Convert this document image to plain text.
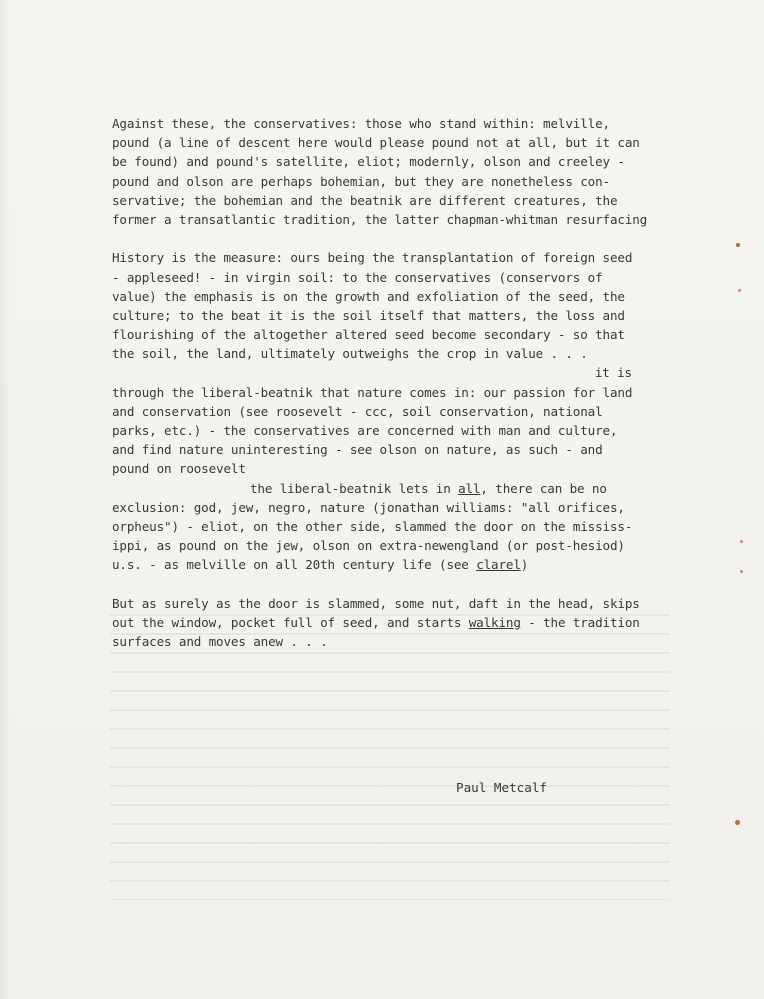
Against these, the conservatives: those who stand within: melville,
pound (a line of descent here would please pound not at all, but it can
be found) and pound's satellite, eliot; modernly, olson and creeley -
pound and olson are perhaps bohemian, but they are nonetheless con-
servative; the bohemian and the beatnik are different creatures, the
former a transatlantic tradition, the latter chapman-whitman resurfacing
History is the measure: ours being the transplantation of foreign seed
- appleseed! - in virgin soil: to the conservatives (conservors of
value) the emphasis is on the growth and exfoliation of the seed, the
culture; to the beat it is the soil itself that matters, the loss and
flourishing of the altogether altered seed become secondary - so that
the soil, the land, ultimately outweighs the crop in value . . .
it is
through the liberal-beatnik that nature comes in: our passion for land
and conservation (see roosevelt - ccc, soil conservation, national
parks, etc.) - the conservatives are concerned with man and culture,
and find nature uninteresting - see olson on nature, as such - and
pound on roosevelt
the liberal-beatnik lets in all, there can be no
exclusion: god, jew, negro, nature (jonathan williams: "all orifices,
orpheus") - eliot, on the other side, slammed the door on the mississ-
ippi, as pound on the jew, olson on extra-newengland (or post-hesiod)
u.s. - as melville on all 20th century life (see clarel)
But as surely as the door is slammed, some nut, daft in the head, skips
out the window, pocket full of seed, and starts walking - the tradition
surfaces and moves anew . . .
Paul Metcalf
